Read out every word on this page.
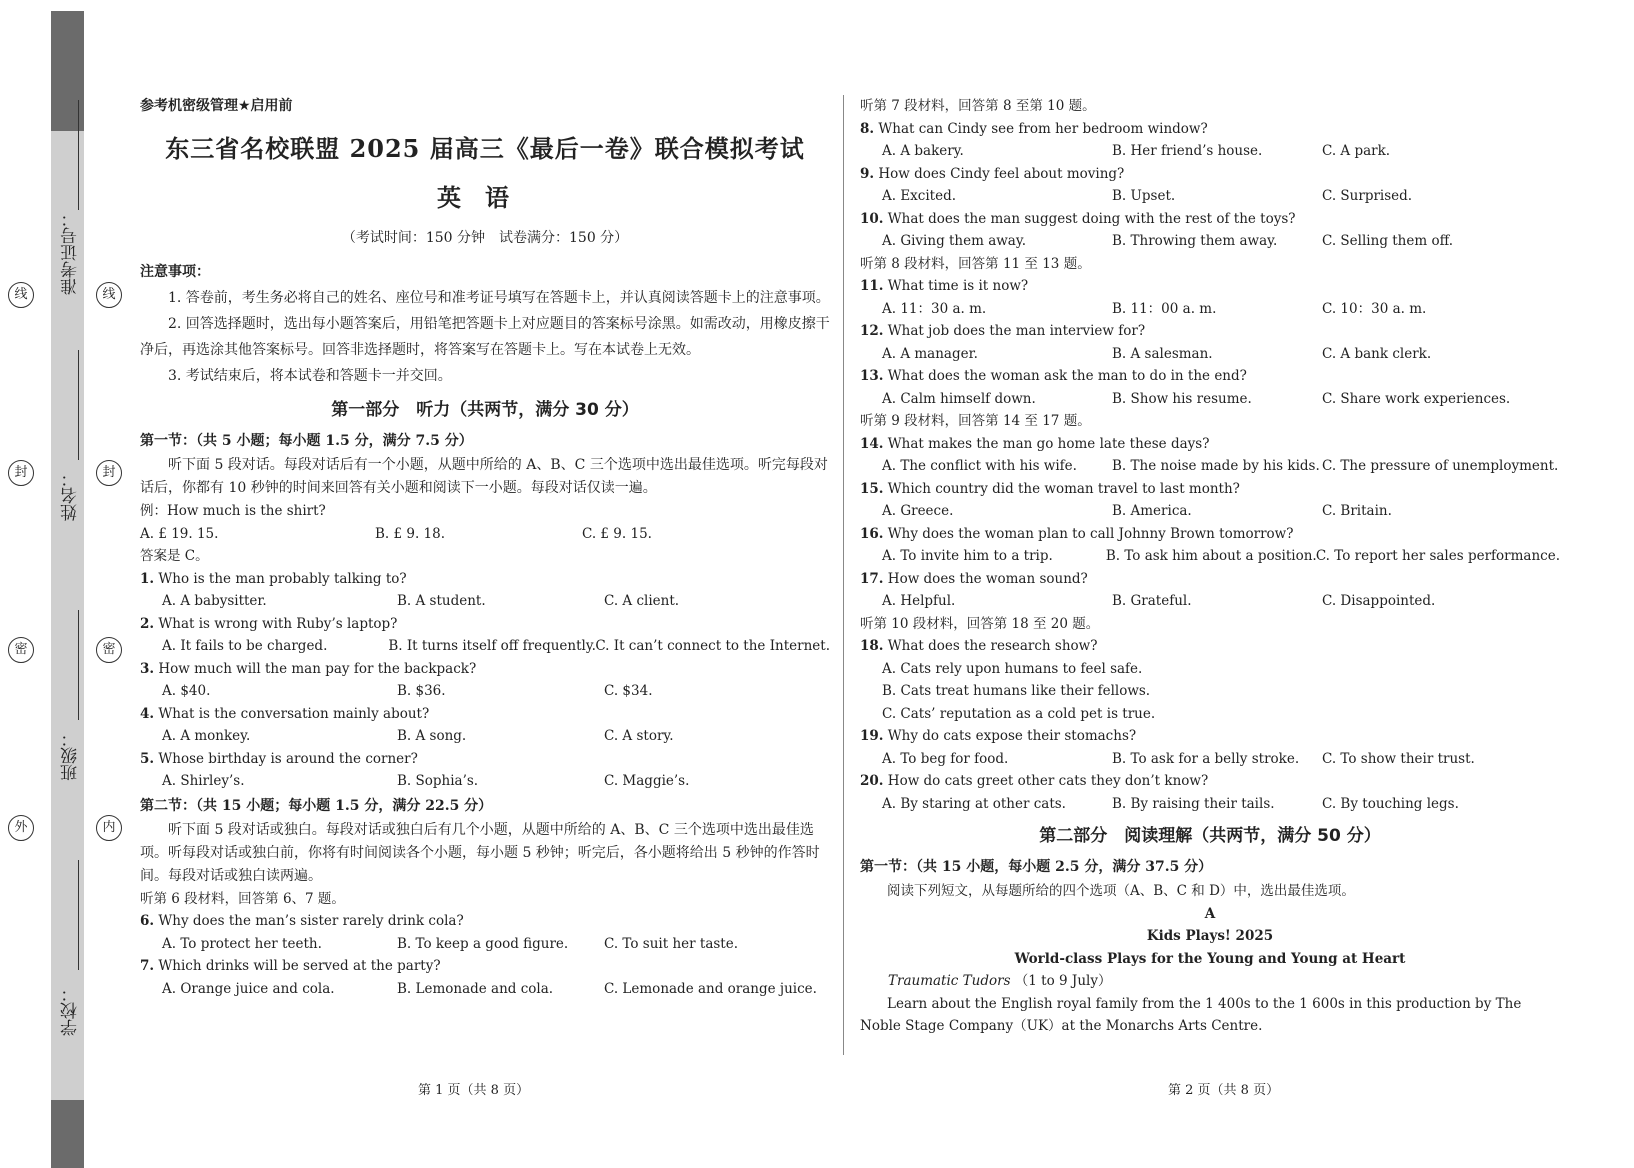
线
封
密
外
线
封
密
内
准考证号：
姓名：
班级：
学校：
参考机密级管理★启用前
东三省名校联盟 2025 届高三《最后一卷》联合模拟考试
英语
（考试时间：150 分钟　试卷满分：150 分）
注意事项：
1. 答卷前，考生务必将自己的姓名、座位号和准考证号填写在答题卡上，并认真阅读答题卡上的注意事项。
2. 回答选择题时，选出每小题答案后，用铅笔把答题卡上对应题目的答案标号涂黑。如需改动，用橡皮擦干净后，再选涂其他答案标号。回答非选择题时，将答案写在答题卡上。写在本试卷上无效。
3. 考试结束后，将本试卷和答题卡一并交回。
第一部分　听力（共两节，满分 30 分）
第一节：（共 5 小题；每小题 1.5 分，满分 7.5 分）
听下面 5 段对话。每段对话后有一个小题，从题中所给的 A、B、C 三个选项中选出最佳选项。听完每段对话后，你都有 10 秒钟的时间来回答有关小题和阅读下一小题。每段对话仅读一遍。
例：How much is the shirt?
A. £ 19. 15.	B. £ 9. 18.	C. £ 9. 15.
答案是 C。
1. Who is the man probably talking to?
A. A babysitter.	B. A student.	C. A client.
2. What is wrong with Ruby’s laptop?
A. It fails to be charged.	B. It turns itself off frequently. C. It can’t connect to the Internet.
3. How much will the man pay for the backpack?
A. $40.	B. $36.	C. $34.
4. What is the conversation mainly about?
A. A monkey.	B. A song.	C. A story.
5. Whose birthday is around the corner?
A. Shirley’s.	B. Sophia’s.	C. Maggie’s.
第二节：（共 15 小题；每小题 1.5 分，满分 22.5 分）
听下面 5 段对话或独白。每段对话或独白后有几个小题，从题中所给的 A、B、C 三个选项中选出最佳选项。听每段对话或独白前，你将有时间阅读各个小题，每小题 5 秒钟；听完后，各小题将给出 5 秒钟的作答时间。每段对话或独白读两遍。
听第 6 段材料，回答第 6、7 题。
6. Why does the man’s sister rarely drink cola?
A. To protect her teeth.	B. To keep a good figure.	C. To suit her taste.
7. Which drinks will be served at the party?
A. Orange juice and cola.	B. Lemonade and cola.	C. Lemonade and orange juice.
听第 7 段材料，回答第 8 至第 10 题。
8. What can Cindy see from her bedroom window?
A. A bakery.	B. Her friend’s house.	C. A park.
9. How does Cindy feel about moving?
A. Excited.	B. Upset.	C. Surprised.
10. What does the man suggest doing with the rest of the toys?
A. Giving them away.	B. Throwing them away.	C. Selling them off.
听第 8 段材料，回答第 11 至 13 题。
11. What time is it now?
A. 11：30 a. m.	B. 11：00 a. m.	C. 10：30 a. m.
12. What job does the man interview for?
A. A manager.	B. A salesman.	C. A bank clerk.
13. What does the woman ask the man to do in the end?
A. Calm himself down.	B. Show his resume.	C. Share work experiences.
听第 9 段材料，回答第 14 至 17 题。
14. What makes the man go home late these days?
A. The conflict with his wife.	B. The noise made by his kids. C. The pressure of unemployment.
15. Which country did the woman travel to last month?
A. Greece.	B. America.	C. Britain.
16. Why does the woman plan to call Johnny Brown tomorrow?
A. To invite him to a trip.	B. To ask him about a position. C. To report her sales performance.
17. How does the woman sound?
A. Helpful.	B. Grateful.	C. Disappointed.
听第 10 段材料，回答第 18 至 20 题。
18. What does the research show?
A. Cats rely upon humans to feel safe.
B. Cats treat humans like their fellows.
C. Cats’ reputation as a cold pet is true.
19. Why do cats expose their stomachs?
A. To beg for food.	B. To ask for a belly stroke.	C. To show their trust.
20. How do cats greet other cats they don’t know?
A. By staring at other cats.	B. By raising their tails.	C. By touching legs.
第二部分　阅读理解（共两节，满分 50 分）
第一节：（共 15 小题，每小题 2.5 分，满分 37.5 分）
阅读下列短文，从每题所给的四个选项（A、B、C 和 D）中，选出最佳选项。
A
Kids Plays! 2025
World-class Plays for the Young and Young at Heart
Traumatic Tudors （1 to 9 July）
Learn about the English royal family from the 1 400s to the 1 600s in this production by The Noble Stage Company（UK）at the Monarchs Arts Centre.
第 1 页（共 8 页）	第 2 页（共 8 页）
